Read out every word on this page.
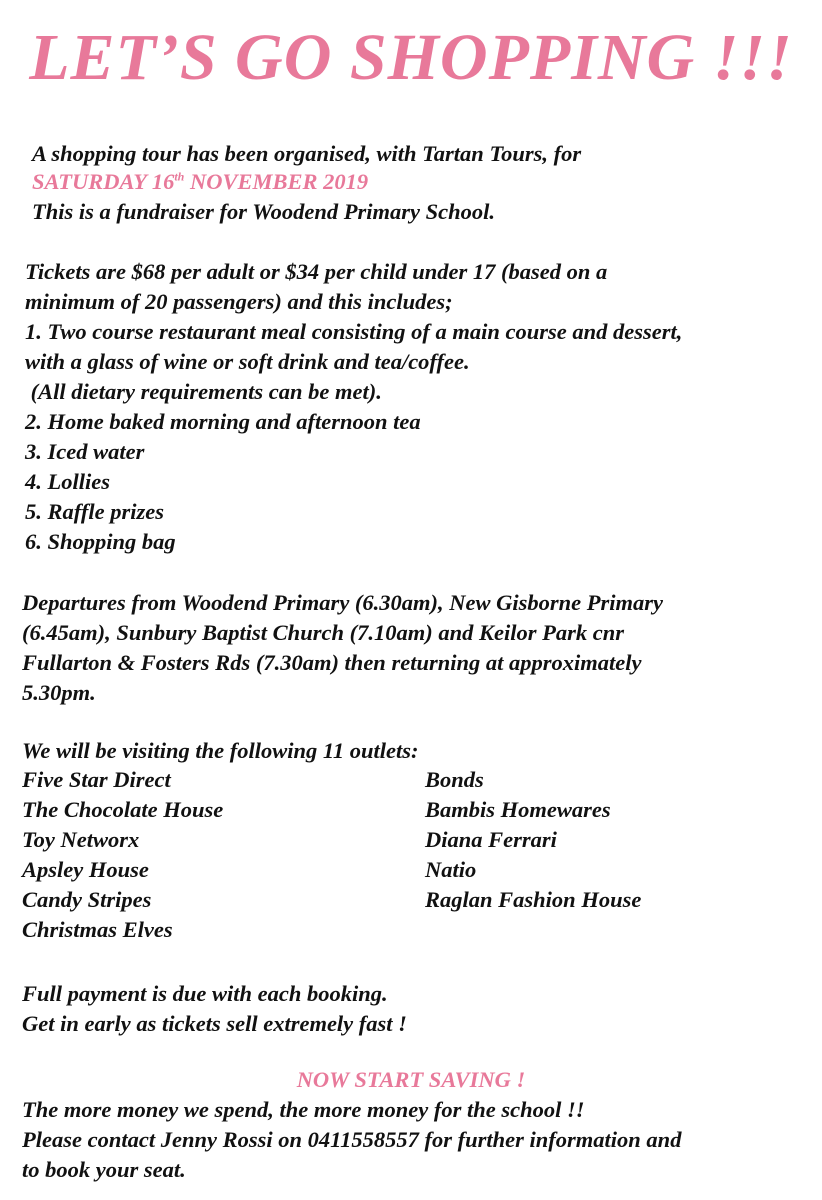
LET’S GO SHOPPING !!!
A shopping tour has been organised, with Tartan Tours, for
SATURDAY 16th NOVEMBER 2019
This is a fundraiser for Woodend Primary School.
Tickets are $68 per adult or $34 per child under 17 (based on a
minimum of 20 passengers) and this includes;
1. Two course restaurant meal consisting of a main course and dessert,
with a glass of wine or soft drink and tea/coffee.
(All dietary requirements can be met).
2. Home baked morning and afternoon tea
3. Iced water
4. Lollies
5. Raffle prizes
6. Shopping bag
Departures from Woodend Primary (6.30am), New Gisborne Primary
(6.45am), Sunbury Baptist Church (7.10am) and Keilor Park cnr
Fullarton & Fosters Rds (7.30am) then returning at approximately
5.30pm.
We will be visiting the following 11 outlets:
Five Star Direct
The Chocolate House
Toy Networx
Apsley House
Candy Stripes
Christmas Elves
Bonds
Bambis Homewares
Diana Ferrari
Natio
Raglan Fashion House
Full payment is due with each booking.
Get in early as tickets sell extremely fast !
NOW START SAVING !
The more money we spend, the more money for the school !!
Please contact Jenny Rossi on 0411558557 for further information and
to book your seat.
